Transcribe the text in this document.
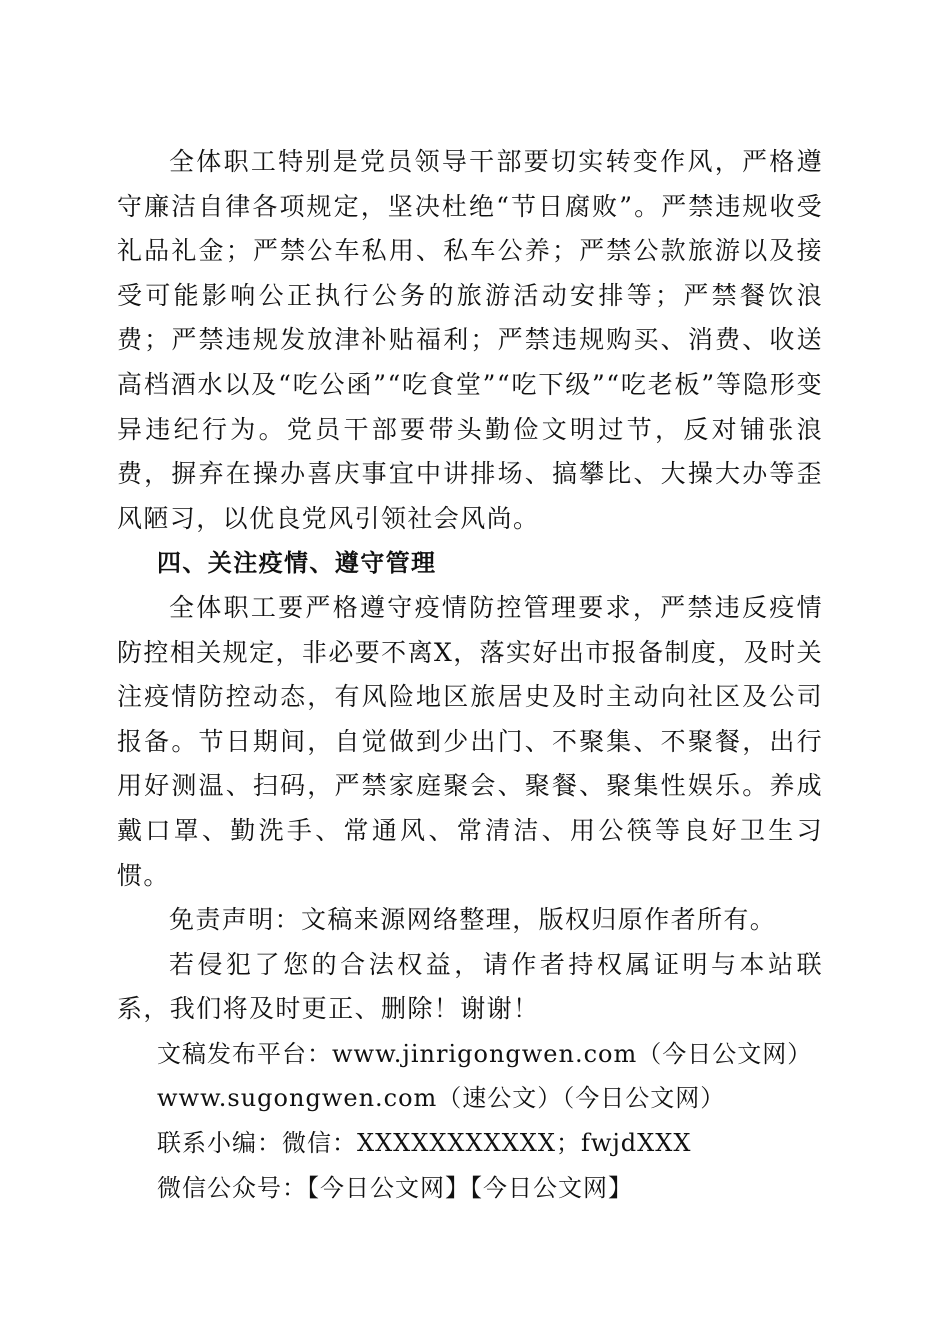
全体职工特别是党员领导干部要切实转变作风，严格遵守廉洁自律各项规定，坚决杜绝“节日腐败”。严禁违规收受礼品礼金；严禁公车私用、私车公养；严禁公款旅游以及接受可能影响公正执行公务的旅游活动安排等；严禁餐饮浪费；严禁违规发放津补贴福利；严禁违规购买、消费、收送高档酒水以及“吃公函”“吃食堂”“吃下级”“吃老板”等隐形变异违纪行为。党员干部要带头勤俭文明过节，反对铺张浪费，摒弃在操办喜庆事宜中讲排场、搞攀比、大操大办等歪风陋习，以优良党风引领社会风尚。

四、关注疫情、遵守管理

全体职工要严格遵守疫情防控管理要求，严禁违反疫情防控相关规定，非必要不离X，落实好出市报备制度，及时关注疫情防控动态，有风险地区旅居史及时主动向社区及公司报备。节日期间，自觉做到少出门、不聚集、不聚餐，出行用好测温、扫码，严禁家庭聚会、聚餐、聚集性娱乐。养成戴口罩、勤洗手、常通风、常清洁、用公筷等良好卫生习惯。

免责声明：文稿来源网络整理，版权归原作者所有。

若侵犯了您的合法权益，请作者持权属证明与本站联系，我们将及时更正、删除！谢谢！

文稿发布平台：www.jinrigongwen.com（今日公文网）

www.sugongwen.com（速公文）（今日公文网）

联系小编：微信：XXXXXXXXXXX；fwjdXXX

微信公众号：【今日公文网】【今日公文网】
